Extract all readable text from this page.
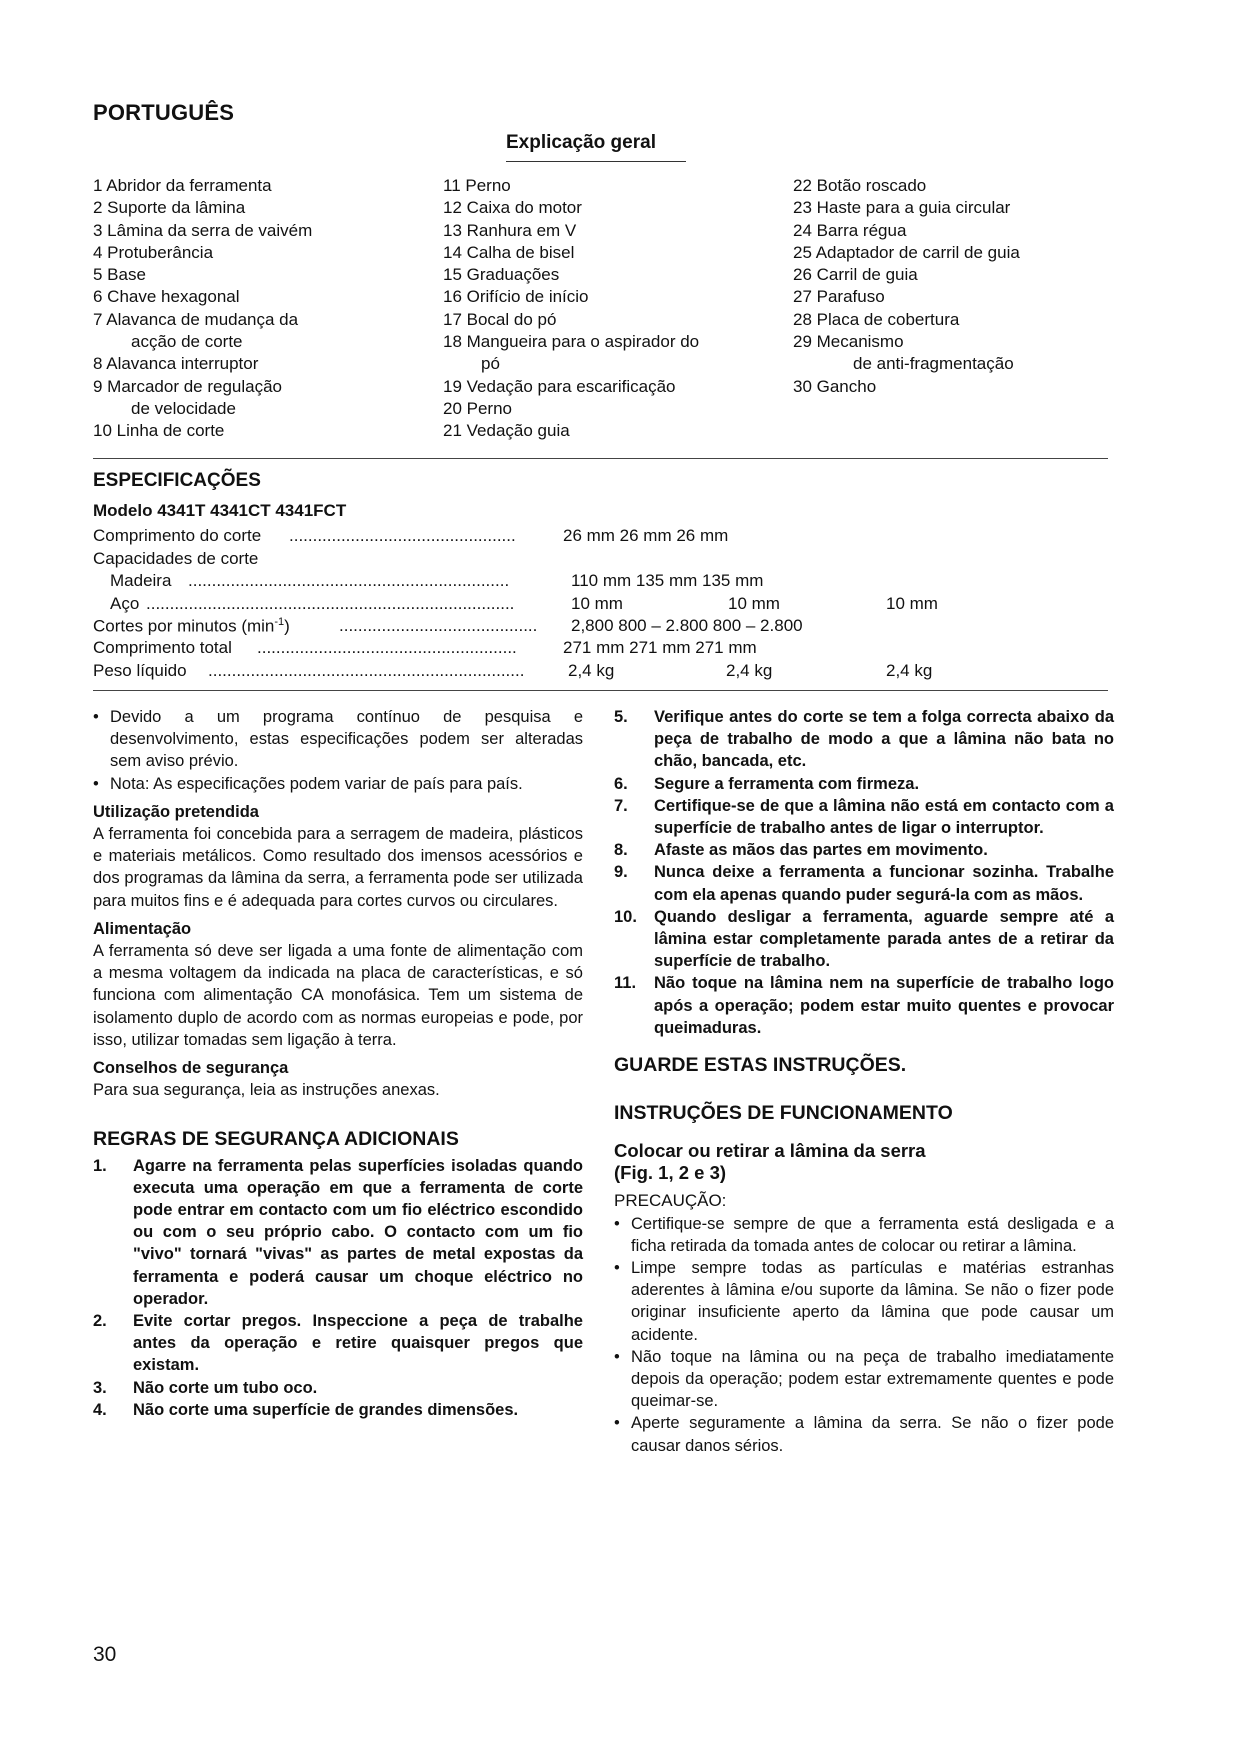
PORTUGUÊS
Explicação geral
1 Abridor da ferramenta
2 Suporte da lâmina
3 Lâmina da serra de vaivém
4 Protuberância
5 Base
6 Chave hexagonal
7 Alavanca de mudança da
acção de corte
8 Alavanca interruptor
9 Marcador de regulação
de velocidade
10 Linha de corte
11 Perno
12 Caixa do motor
13 Ranhura em V
14 Calha de bisel
15 Graduações
16 Orifício de início
17 Bocal do pó
18 Mangueira para o aspirador do
pó
19 Vedação para escarificação
20 Perno
21 Vedação guia
22 Botão roscado
23 Haste para a guia circular
24 Barra régua
25 Adaptador de carril de guia
26 Carril de guia
27 Parafuso
28 Placa de cobertura
29 Mecanismo
de anti-fragmentação
30 Gancho
ESPECIFICAÇÕES
Modelo 4341T 4341CT 4341FCT
Comprimento do corte ................................................	26 mm 26 mm 26 mm
Capacidades de corte
Madeira ....................................................................	110 mm 135 mm 135 mm
Aço ..............................................................................	10 mm	10 mm	10 mm
Cortes por minutos $(\min^{-1})$	.......................................... 2,800 800 – 2.800 800 – 2.800
Comprimento total .......................................................	271 mm 271 mm 271 mm
Peso líquido ...................................................................	2,4 kg	2,4 kg	2,4 kg
• Devido a um programa contínuo de pesquisa e desenvolvimento, estas especificações podem ser alteradas sem aviso prévio.
• Nota: As especificações podem variar de país para país.
Utilização pretendida
A ferramenta foi concebida para a serragem de madeira, plásticos e materiais metálicos. Como resultado dos imensos acessórios e dos programas da lâmina da serra, a ferramenta pode ser utilizada para muitos fins e é adequada para cortes curvos ou circulares.
Alimentação
A ferramenta só deve ser ligada a uma fonte de alimentação com a mesma voltagem da indicada na placa de características, e só funciona com alimentação CA monofásica. Tem um sistema de isolamento duplo de acordo com as normas europeias e pode, por isso, utilizar tomadas sem ligação à terra.
Conselhos de segurança
Para sua segurança, leia as instruções anexas.
REGRAS DE SEGURANÇA ADICIONAIS
1. Agarre na ferramenta pelas superfícies isoladas quando executa uma operação em que a ferramenta de corte pode entrar em contacto com um fio eléctrico escondido ou com o seu próprio cabo. O contacto com um fio "vivo" tornará "vivas" as partes de metal expostas da ferramenta e poderá causar um choque eléctrico no operador.
2. Evite cortar pregos. Inspeccione a peça de trabalhe antes da operação e retire quaisquer pregos que existam.
3. Não corte um tubo oco.
4. Não corte uma superfície de grandes dimensões.
5. Verifique antes do corte se tem a folga correcta abaixo da peça de trabalho de modo a que a lâmina não bata no chão, bancada, etc.
6. Segure a ferramenta com firmeza.
7. Certifique-se de que a lâmina não está em contacto com a superfície de trabalho antes de ligar o interruptor.
8. Afaste as mãos das partes em movimento.
9. Nunca deixe a ferramenta a funcionar sozinha. Trabalhe com ela apenas quando puder segurá-la com as mãos.
10. Quando desligar a ferramenta, aguarde sempre até a lâmina estar completamente parada antes de a retirar da superfície de trabalho.
11. Não toque na lâmina nem na superfície de trabalho logo após a operação; podem estar muito quentes e provocar queimaduras.
GUARDE ESTAS INSTRUÇÕES.
INSTRUÇÕES DE FUNCIONAMENTO
Colocar ou retirar a lâmina da serra
(Fig. 1, 2 e 3)
PRECAUÇÃO:
• Certifique-se sempre de que a ferramenta está desligada e a ficha retirada da tomada antes de colocar ou retirar a lâmina.
• Limpe sempre todas as partículas e matérias estranhas aderentes à lâmina e/ou suporte da lâmina. Se não o fizer pode originar insuficiente aperto da lâmina que pode causar um acidente.
• Não toque na lâmina ou na peça de trabalho imediatamente depois da operação; podem estar extremamente quentes e pode queimar-se.
• Aperte seguramente a lâmina da serra. Se não o fizer pode causar danos sérios.
30
